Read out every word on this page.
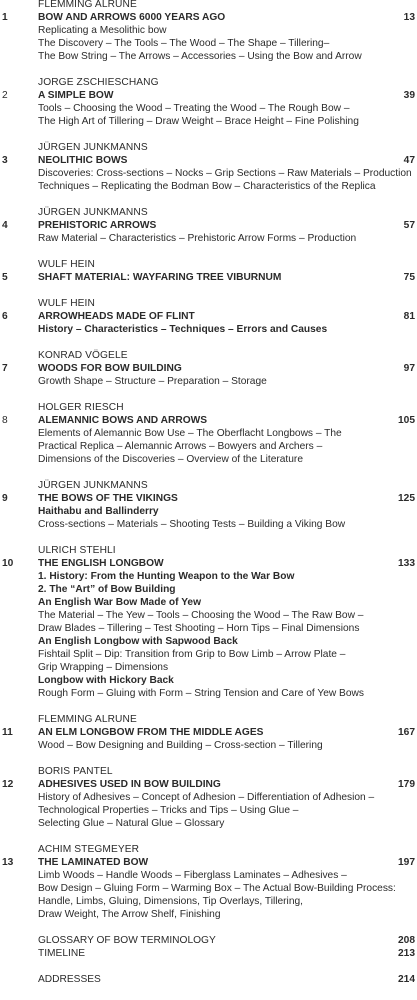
1
FLEMMING ALRUNE
BOW AND ARROWS 6000 YEARS AGO	13
Replicating a Mesolithic bow
The Discovery – The Tools – The Wood – The Shape – Tillering–
The Bow String – The Arrows – Accessories – Using the Bow and Arrow
2
JORGE ZSCHIESCHANG
A SIMPLE BOW	39
Tools – Choosing the Wood – Treating the Wood – The Rough Bow –
The High Art of Tillering – Draw Weight – Brace Height – Fine Polishing
3
JÜRGEN JUNKMANNS
NEOLITHIC BOWS	47
Discoveries: Cross-sections – Nocks – Grip Sections – Raw Materials – Production
Techniques – Replicating the Bodman Bow – Characteristics of the Replica
4
JÜRGEN JUNKMANNS
PREHISTORIC ARROWS	57
Raw Material – Characteristics – Prehistoric Arrow Forms – Production
5
WULF HEIN
SHAFT MATERIAL: WAYFARING TREE VIBURNUM	75
6
WULF HEIN
ARROWHEADS MADE OF FLINT	81
History – Characteristics – Techniques – Errors and Causes
7
KONRAD VÖGELE
WOODS FOR BOW BUILDING	97
Growth Shape – Structure – Preparation – Storage
8
HOLGER RIESCH
ALEMANNIC BOWS AND ARROWS	105
Elements of Alemannic Bow Use – The Oberflacht Longbows – The
Practical Replica – Alemannic Arrows – Bowyers and Archers –
Dimensions of the Discoveries – Overview of the Literature
9
JÜRGEN JUNKMANNS
THE BOWS OF THE VIKINGS	125
Haithabu and Ballinderry
Cross-sections – Materials – Shooting Tests – Building a Viking Bow
10
ULRICH STEHLI
THE ENGLISH LONGBOW	133
1. History: From the Hunting Weapon to the War Bow
2. The “Art” of Bow Building
An English War Bow Made of Yew
The Material – The Yew – Tools – Choosing the Wood – The Raw Bow –
Draw Blades – Tillering – Test Shooting – Horn Tips – Final Dimensions
An English Longbow with Sapwood Back
Fishtail Split – Dip: Transition from Grip to Bow Limb – Arrow Plate –
Grip Wrapping – Dimensions
Longbow with Hickory Back
Rough Form – Gluing with Form – String Tension and Care of Yew Bows
11
FLEMMING ALRUNE
AN ELM LONGBOW FROM THE MIDDLE AGES	167
Wood – Bow Designing and Building – Cross-section – Tillering
12
BORIS PANTEL
ADHESIVES USED IN BOW BUILDING	179
History of Adhesives – Concept of Adhesion – Differentiation of Adhesion –
Technological Properties – Tricks and Tips – Using Glue –
Selecting Glue – Natural Glue – Glossary
13
ACHIM STEGMEYER
THE LAMINATED BOW	197
Limb Woods – Handle Woods – Fiberglass Laminates – Adhesives –
Bow Design – Gluing Form – Warming Box – The Actual Bow-Building Process:
Handle, Limbs, Gluing, Dimensions, Tip Overlays, Tillering,
Draw Weight, The Arrow Shelf, Finishing
GLOSSARY OF BOW TERMINOLOGY	208
TIMELINE	213
ADDRESSES	214
